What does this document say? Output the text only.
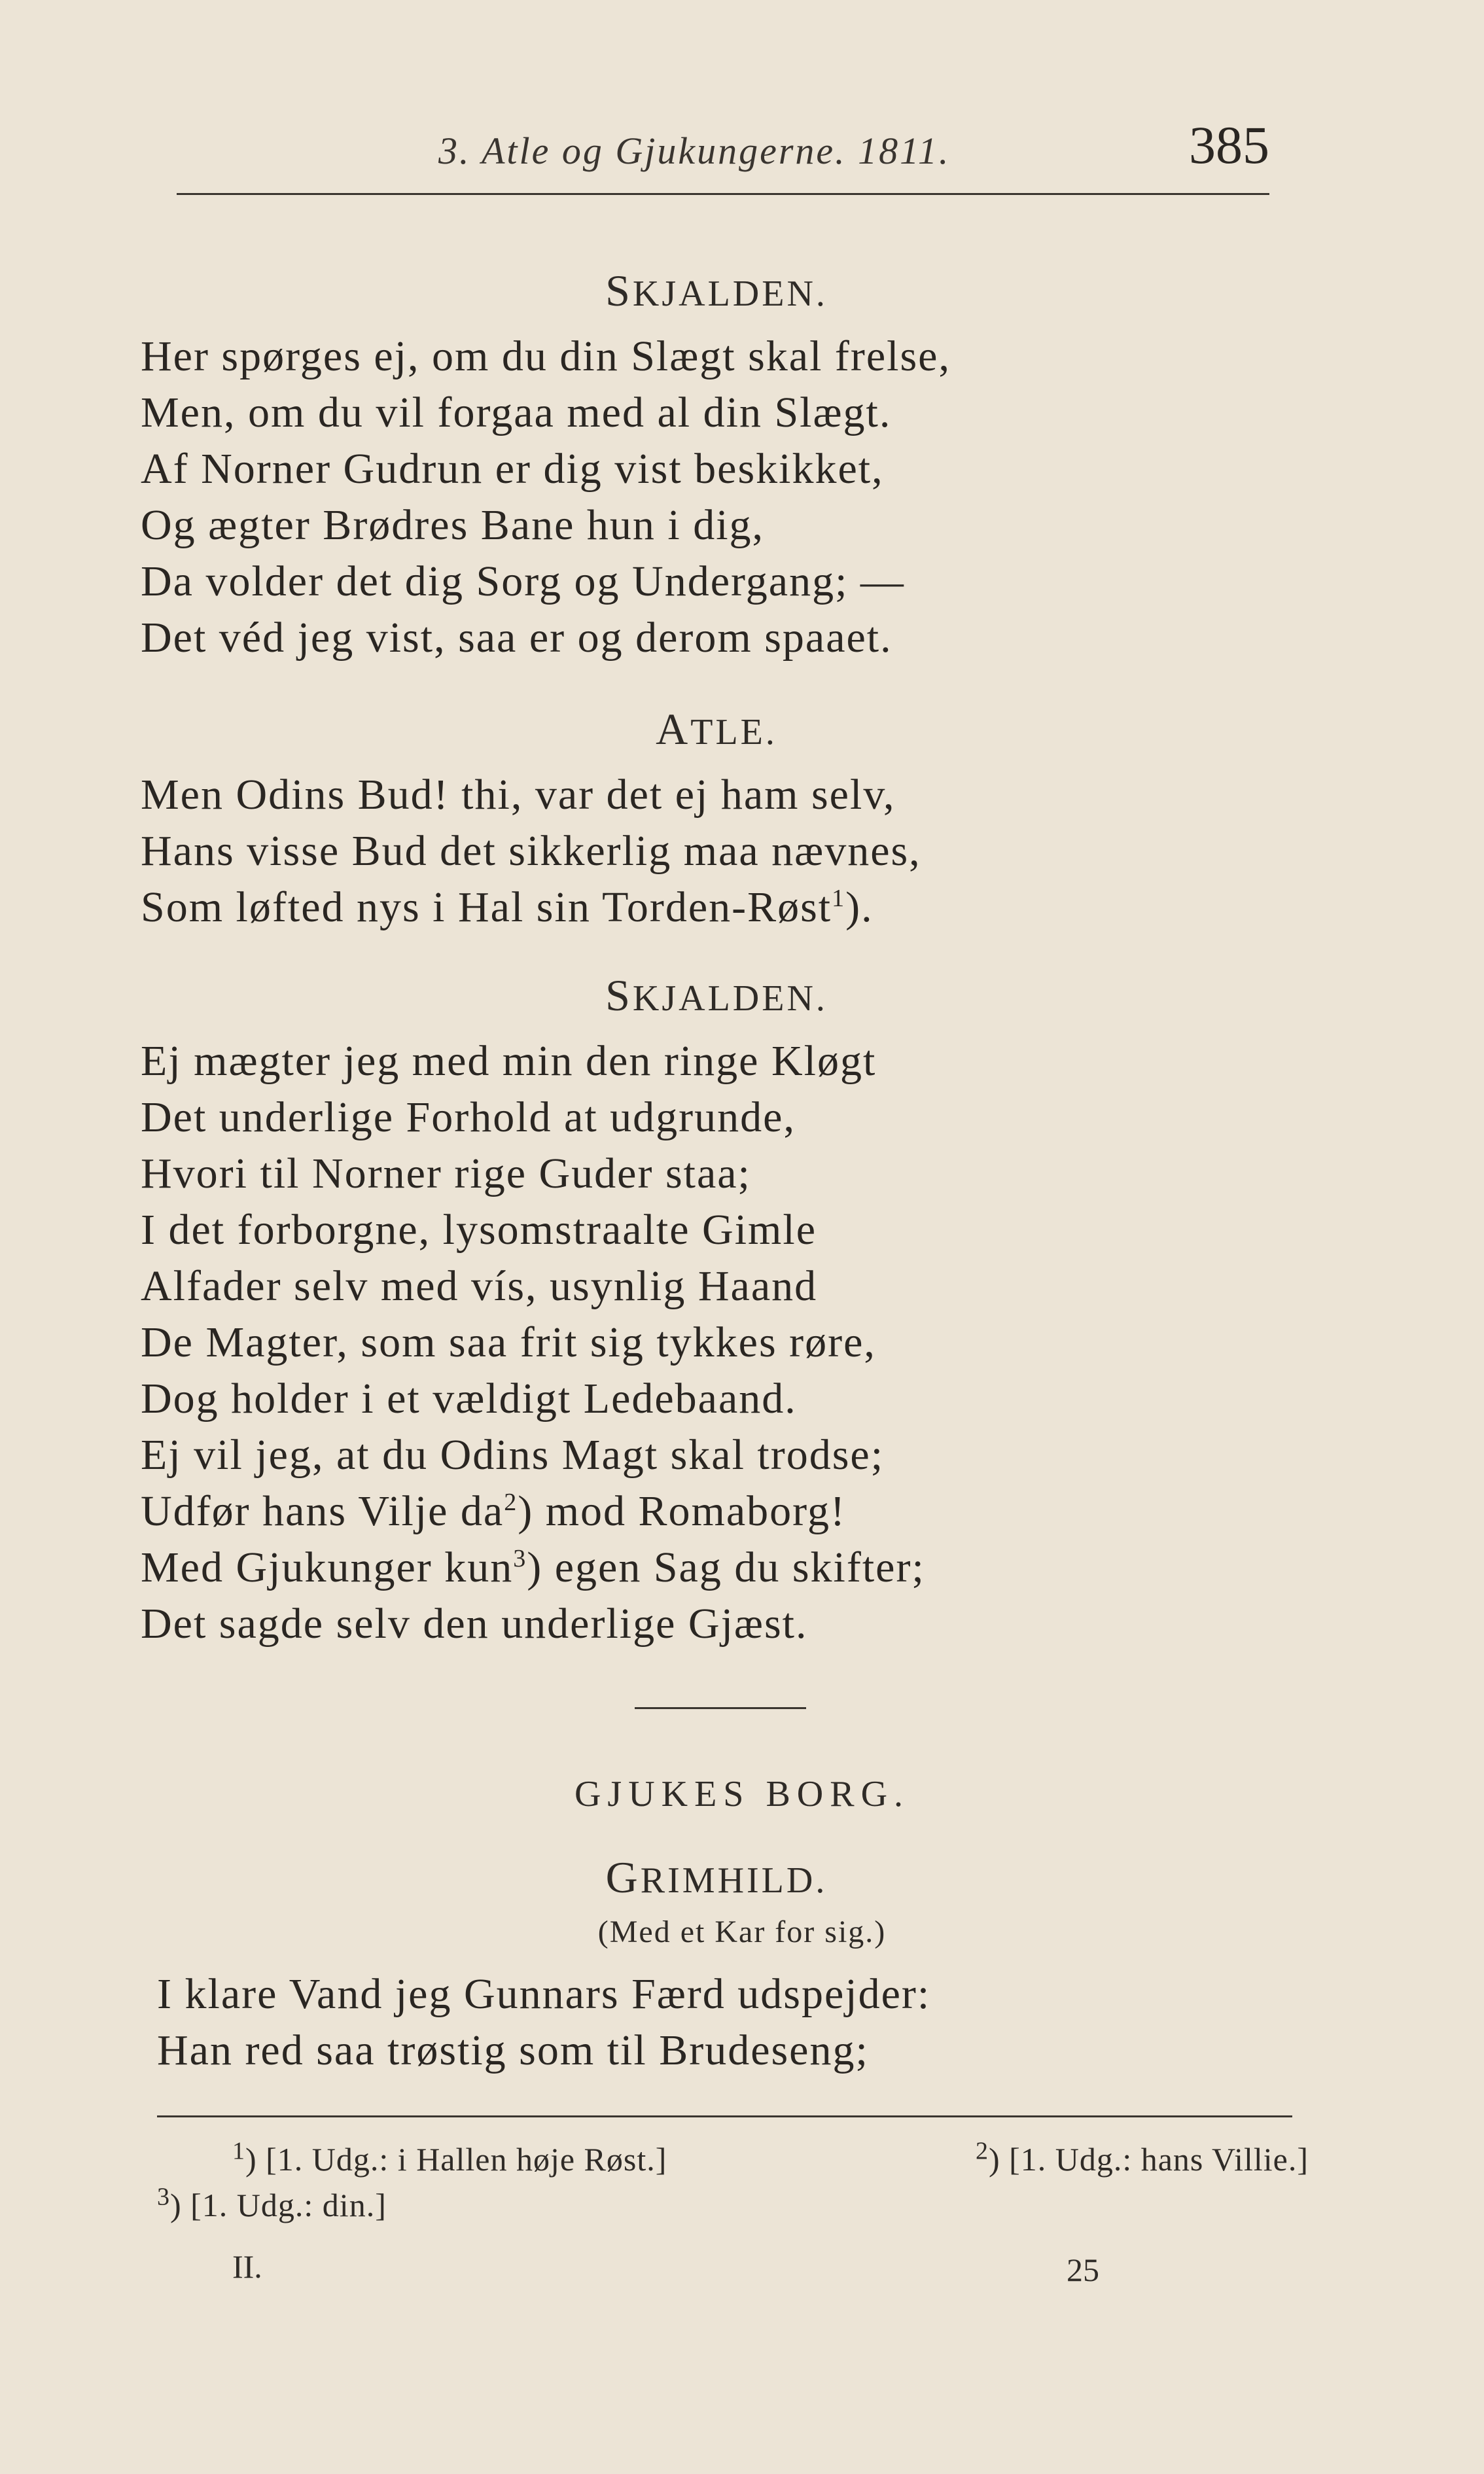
3. Atle og Gjukungerne. 1811.	385
SKJALDEN.
Her spørges ej, om du din Slægt skal frelse,
Men, om du vil forgaa med al din Slægt.
Af Norner Gudrun er dig vist beskikket,
Og ægter Brødres Bane hun i dig,
Da volder det dig Sorg og Undergang; —
Det véd jeg vist, saa er og derom spaaet.
ATLE.
Men Odins Bud! thi, var det ej ham selv,
Hans visse Bud det sikkerlig maa nævnes,
Som løfted nys i Hal sin Torden-Røst$^1$).
SKJALDEN.
Ej mægter jeg med min den ringe Kløgt
Det underlige Forhold at udgrunde,
Hvori til Norner rige Guder staa;
I det forborgne, lysomstraalte Gimle
Alfader selv med vís, usynlig Haand
De Magter, som saa frit sig tykkes røre,
Dog holder i et vældigt Ledebaand.
Ej vil jeg, at du Odins Magt skal trodse;
Udfør hans Vilje $da^2$) mod Romaborg!
Med Gjukunger kun$^3$) egen Sag du skifter;
Det sagde selv den underlige Gjæst.
GJUKES BORG.
GRIMHILD.
(Med et Kar for sig.)
I klare Vand jeg Gunnars Færd udspejder:
Han red saa trøstig som til Brudeseng;
$^1$) [1. Udg.: i Hallen høje Røst.]	$^2$) [1. Udg.: hans Villie.]
$^3$) [1. Udg.: din.]
II.	25
